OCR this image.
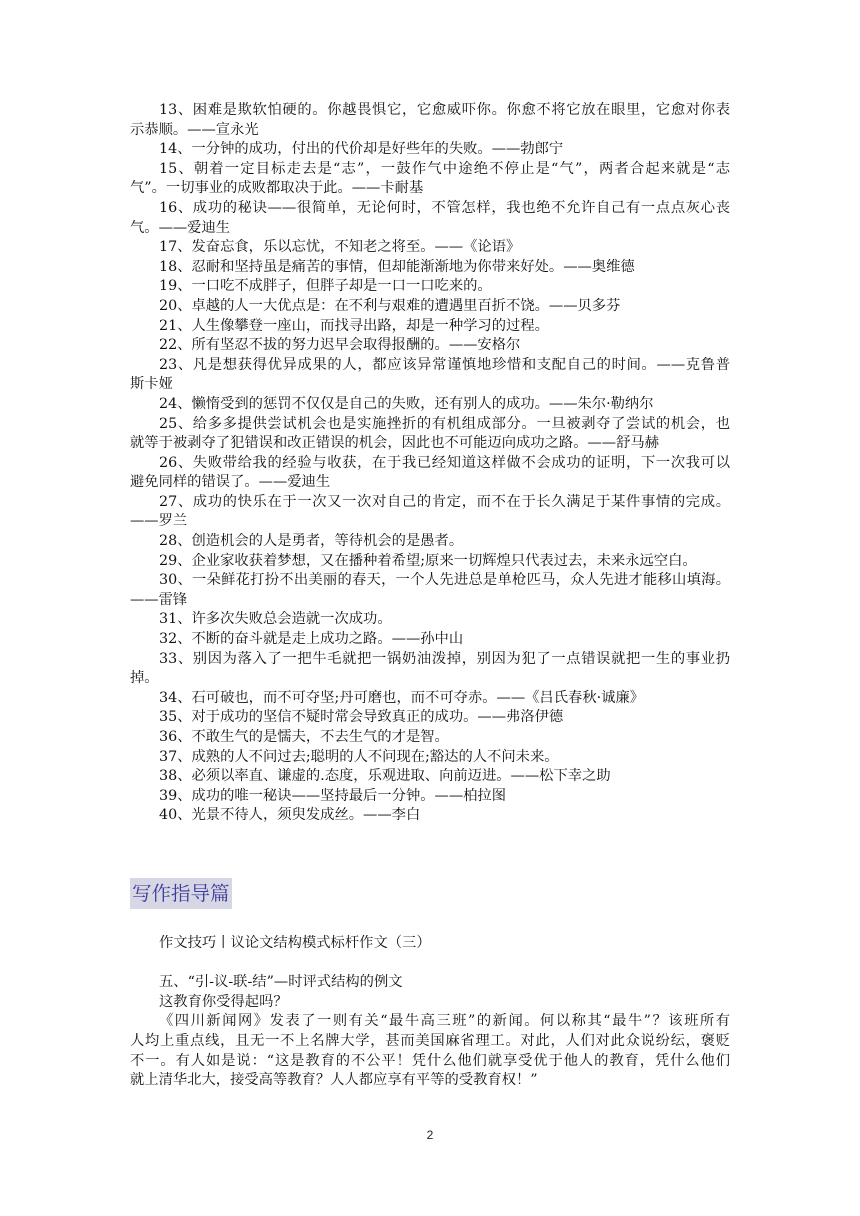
13、困难是欺软怕硬的。你越畏惧它，它愈威吓你。你愈不将它放在眼里，它愈对你表
示恭顺。——宣永光
14、一分钟的成功，付出的代价却是好些年的失败。——勃郎宁
15、朝着一定目标走去是“志”，一鼓作气中途绝不停止是“气”，两者合起来就是“志
气”。一切事业的成败都取决于此。——卡耐基
16、成功的秘诀——很简单，无论何时，不管怎样，我也绝不允许自己有一点点灰心丧
气。——爱迪生
17、发奋忘食，乐以忘忧，不知老之将至。——《论语》
18、忍耐和坚持虽是痛苦的事情，但却能渐渐地为你带来好处。——奥维德
19、一口吃不成胖子，但胖子却是一口一口吃来的。
20、卓越的人一大优点是：在不利与艰难的遭遇里百折不饶。——贝多芬
21、人生像攀登一座山，而找寻出路，却是一种学习的过程。
22、所有坚忍不拔的努力迟早会取得报酬的。——安格尔
23、凡是想获得优异成果的人，都应该异常谨慎地珍惜和支配自己的时间。——克鲁普
斯卡娅
24、懒惰受到的惩罚不仅仅是自己的失败，还有别人的成功。——朱尔·勒纳尔
25、给多多提供尝试机会也是实施挫折的有机组成部分。一旦被剥夺了尝试的机会，也
就等于被剥夺了犯错误和改正错误的机会，因此也不可能迈向成功之路。——舒马赫
26、失败带给我的经验与收获，在于我已经知道这样做不会成功的证明，下一次我可以
避免同样的错误了。——爱迪生
27、成功的快乐在于一次又一次对自己的肯定，而不在于长久满足于某件事情的完成。
——罗兰
28、创造机会的人是勇者，等待机会的是愚者。
29、企业家收获着梦想，又在播种着希望;原来一切辉煌只代表过去，未来永远空白。
30、一朵鲜花打扮不出美丽的春天，一个人先进总是单枪匹马，众人先进才能移山填海。
——雷锋
31、许多次失败总会造就一次成功。
32、不断的奋斗就是走上成功之路。——孙中山
33、别因为落入了一把牛毛就把一锅奶油泼掉，别因为犯了一点错误就把一生的事业扔
掉。
34、石可破也，而不可夺坚;丹可磨也，而不可夺赤。——《吕氏春秋·诚廉》
35、对于成功的坚信不疑时常会导致真正的成功。——弗洛伊德
36、不敢生气的是懦夫，不去生气的才是智。
37、成熟的人不问过去;聪明的人不问现在;豁达的人不问未来。
38、必须以率直、谦虚的.态度，乐观进取、向前迈进。——松下幸之助
39、成功的唯一秘诀——坚持最后一分钟。——柏拉图
40、光景不待人，须臾发成丝。——李白
写作指导篇
作文技巧丨议论文结构模式标杆作文（三）
五、“引-议-联-结”—时评式结构的例文
这教育你受得起吗？
《四川新闻网》发表了一则有关“最牛高三班”的新闻。何以称其“最牛”？该班所有
人均上重点线，且无一不上名牌大学，甚而美国麻省理工。对此，人们对此众说纷纭，褒贬
不一。有人如是说：“这是教育的不公平！凭什么他们就享受优于他人的教育，凭什么他们
就上清华北大，接受高等教育？人人都应享有平等的受教育权！”
2
